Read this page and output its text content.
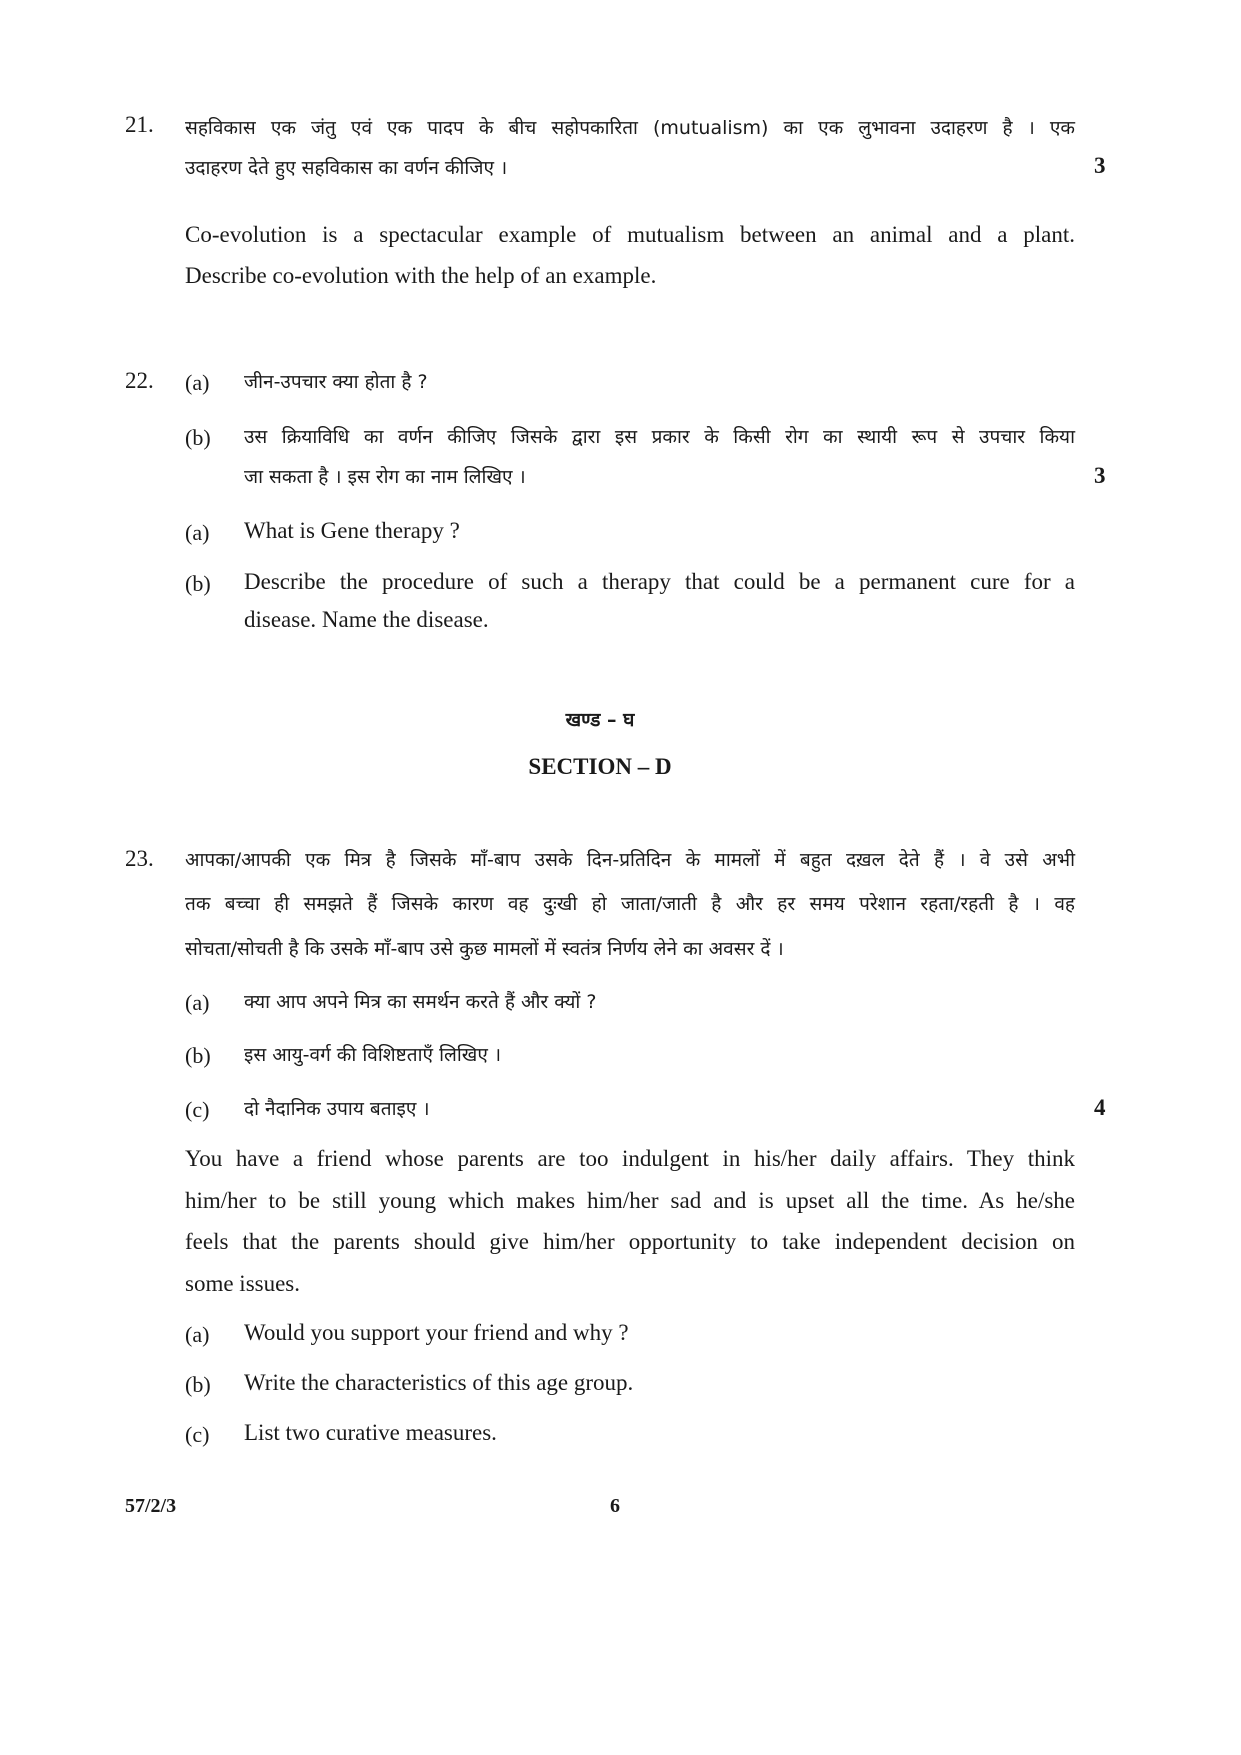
21. सहविकास एक जंतु एवं एक पादप के बीच सहोपकारिता (mutualism) का एक लुभावना उदाहरण है । एक
उदाहरण देते हुए सहविकास का वर्णन कीजिए ।	3
Co-evolution is a spectacular example of mutualism between an animal and a plant.
Describe co-evolution with the help of an example.
22. (a) जीन-उपचार क्या होता है ?
(b) उस क्रियाविधि का वर्णन कीजिए जिसके द्वारा इस प्रकार के किसी रोग का स्थायी रूप से उपचार किया
जा सकता है । इस रोग का नाम लिखिए ।	3
(a) What is Gene therapy ?
(b) Describe the procedure of such a therapy that could be a permanent cure for a
disease. Name the disease.
खण्ड – घ
SECTION – D
23. आपका/आपकी एक मित्र है जिसके माँ-बाप उसके दिन-प्रतिदिन के मामलों में बहुत दख़ल देते हैं । वे उसे अभी
तक बच्चा ही समझते हैं जिसके कारण वह दुःखी हो जाता/जाती है और हर समय परेशान रहता/रहती है । वह
सोचता/सोचती है कि उसके माँ-बाप उसे कुछ मामलों में स्वतंत्र निर्णय लेने का अवसर दें ।
(a) क्या आप अपने मित्र का समर्थन करते हैं और क्यों ?
(b) इस आयु-वर्ग की विशिष्टताएँ लिखिए ।
(c) दो नैदानिक उपाय बताइए ।	4
You have a friend whose parents are too indulgent in his/her daily affairs. They think
him/her to be still young which makes him/her sad and is upset all the time. As he/she
feels that the parents should give him/her opportunity to take independent decision on
some issues.
(a) Would you support your friend and why ?
(b) Write the characteristics of this age group.
(c) List two curative measures.
57/2/3	6
